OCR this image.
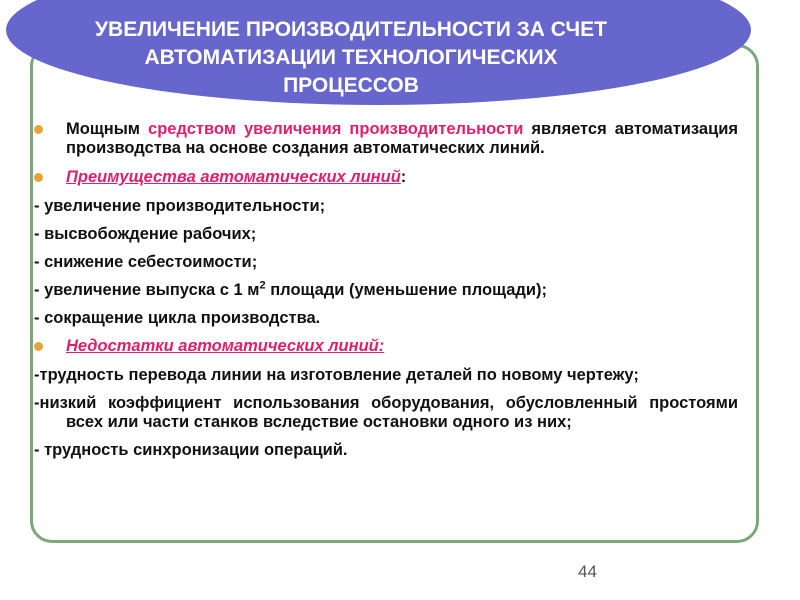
УВЕЛИЧЕНИЕ ПРОИЗВОДИТЕЛЬНОСТИ ЗА СЧЕТ
АВТОМАТИЗАЦИИ ТЕХНОЛОГИЧЕСКИХ
ПРОЦЕССОВ
Мощным средством увеличения производительности является автоматизация производства на основе создания автоматических линий.
Преимущества автоматических линий:
- увеличение производительности;
- высвобождение рабочих;
- снижение себестоимости;
- увеличение выпуска с 1 $м^2$ площади (уменьшение площади);
- сокращение цикла производства.
Недостатки автоматических линий:
-трудность перевода линии на изготовление деталей по новому чертежу;
-низкий коэффициент использования оборудования, обусловленный простоями всех или части станков вследствие остановки одного из них;
- трудность синхронизации операций.
44
